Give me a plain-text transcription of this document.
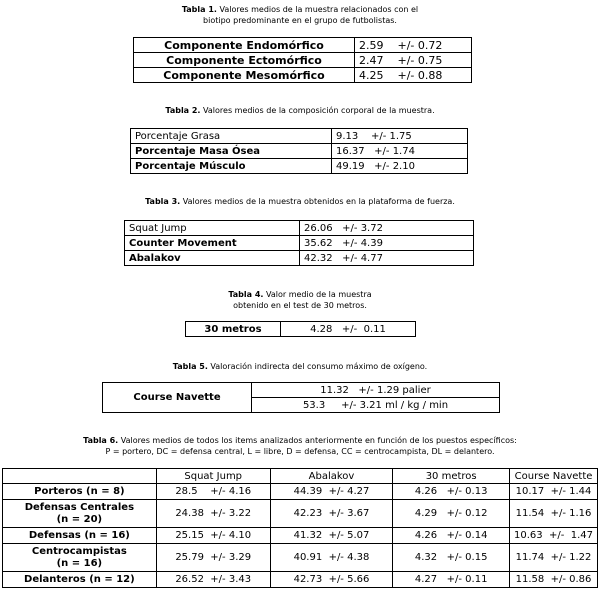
Tabla 1. Valores medios de la muestra relacionados con el
biotipo predominante en el grupo de futbolistas.
Componente Endomórfico	2.59    +/- 0.72
Componente Ectomórfico	2.47    +/- 0.75
Componente Mesomórfico	4.25    +/- 0.88
Tabla 2. Valores medios de la composición corporal de la muestra.
Porcentaje Grasa	9.13    +/- 1.75
Porcentaje Masa Ósea	16.37   +/- 1.74
Porcentaje Músculo	49.19   +/- 2.10
Tabla 3. Valores medios de la muestra obtenidos en la plataforma de fuerza.
Squat Jump	26.06   +/- 3.72
Counter Movement	35.62   +/- 4.39
Abalakov	42.32   +/- 4.77
Tabla 4. Valor medio de la muestra
obtenido en el test de 30 metros.
30 metros	4.28   +/-  0.11
Tabla 5. Valoración indirecta del consumo máximo de oxígeno.
Course Navette	11.32   +/- 1.29 palier
53.3     +/- 3.21 ml / kg / min
Tabla 6. Valores medios de todos los items analizados anteriormente en función de los puestos específicos:
P = portero, DC = defensa central, L = libre, D = defensa, CC = centrocampista, DL = delantero.
	Squat Jump	Abalakov	30 metros	Course Navette
Porteros (n = 8)	28.5    +/- 4.16	44.39  +/- 4.27	4.26   +/- 0.13	10.17  +/- 1.44
Defensas Centrales
(n = 20)	24.38  +/- 3.22	42.23  +/- 3.67	4.29   +/- 0.12	11.54  +/- 1.16
Defensas (n = 16)	25.15  +/- 4.10	41.32  +/- 5.07	4.26   +/- 0.14	10.63  +/-  1.47
Centrocampistas
(n = 16)	25.79  +/- 3.29	40.91  +/- 4.38	4.32   +/- 0.15	11.74  +/- 1.22
Delanteros (n = 12)	26.52  +/- 3.43	42.73  +/- 5.66	4.27   +/- 0.11	11.58  +/- 0.86
